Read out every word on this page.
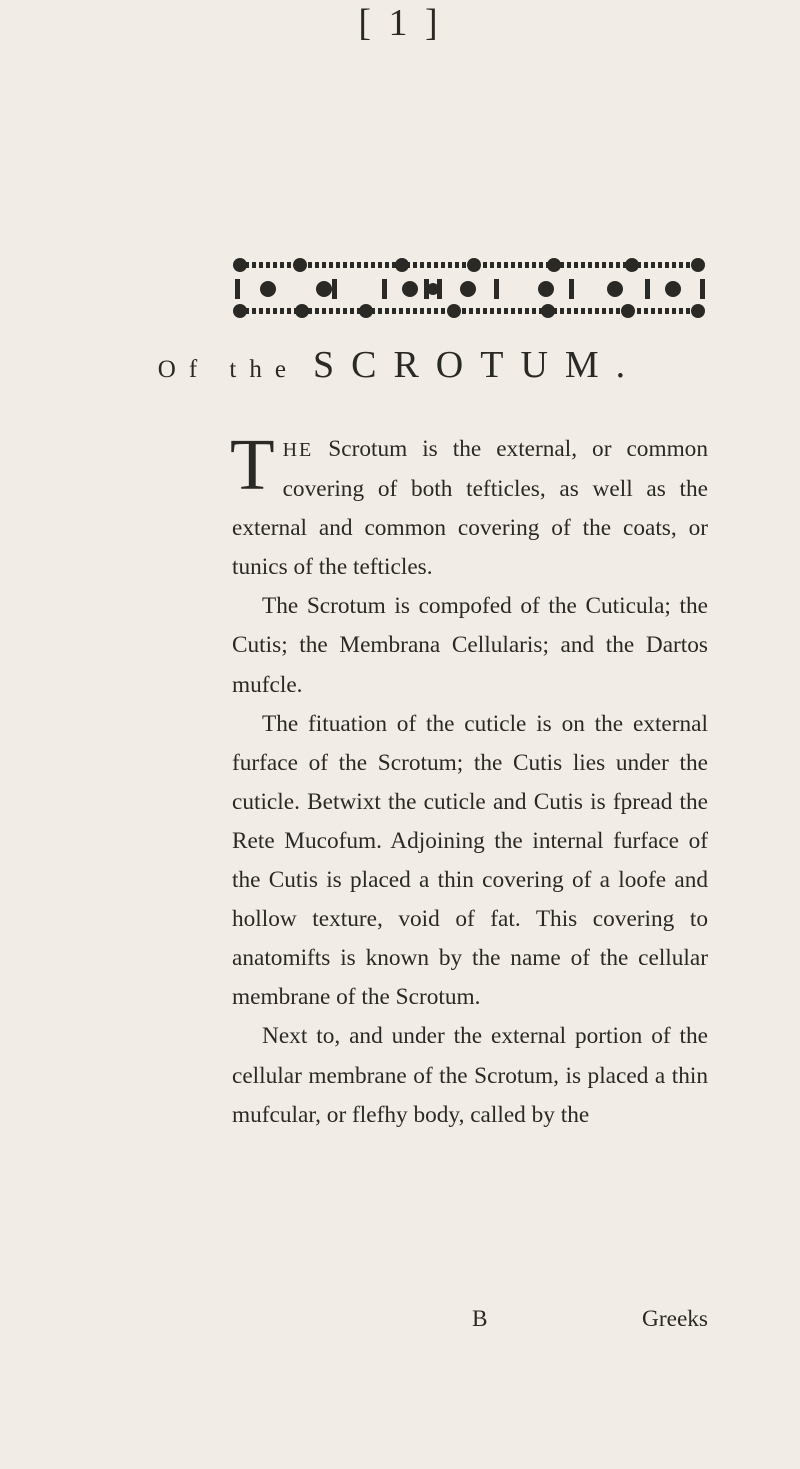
[ 1 ]
Of the SCROTUM.

THE Scrotum is the external, or common covering of both tefticles, as well as the external and common covering of the coats, or tunics of the tefticles.

The Scrotum is compofed of the Cuticula; the Cutis; the Membrana Cellularis; and the Dartos mufcle.

The fituation of the cuticle is on the external furface of the Scrotum; the Cutis lies under the cuticle. Betwixt the cuticle and Cutis is fpread the Rete Mucofum. Adjoining the internal furface of the Cutis is placed a thin covering of a loofe and hollow texture, void of fat. This covering to anatomifts is known by the name of the cellular membrane of the Scrotum.

Next to, and under the external portion of the cellular membrane of the Scrotum, is placed a thin mufcular, or flefhy body, called by the

B	Greeks
